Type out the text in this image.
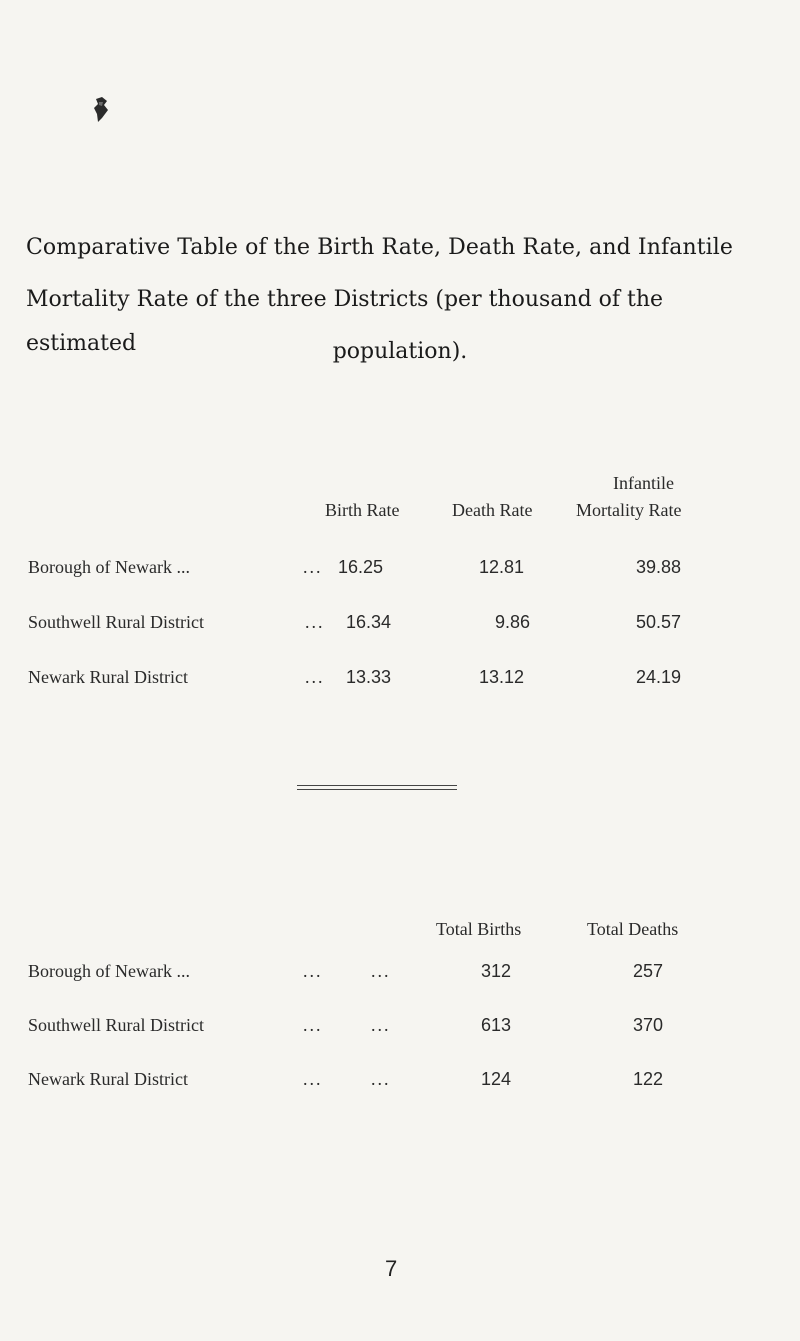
Comparative Table of the Birth Rate, Death Rate, and Infantile
Mortality Rate of the three Districts (per thousand of the estimated	population).
Birth Rate	Death Rate
Infantile
Mortality Rate
Borough of Newark ...	... 16.25	12.81	39.88
Southwell Rural District	... 16.34	9.86	50.57
Newark Rural District	... 13.33	13.12	24.19
Total Births	Total Deaths
Borough of Newark ...	...	...	312	257
Southwell Rural District	...	...	613	370
Newark Rural District	...	...	124	122
7
